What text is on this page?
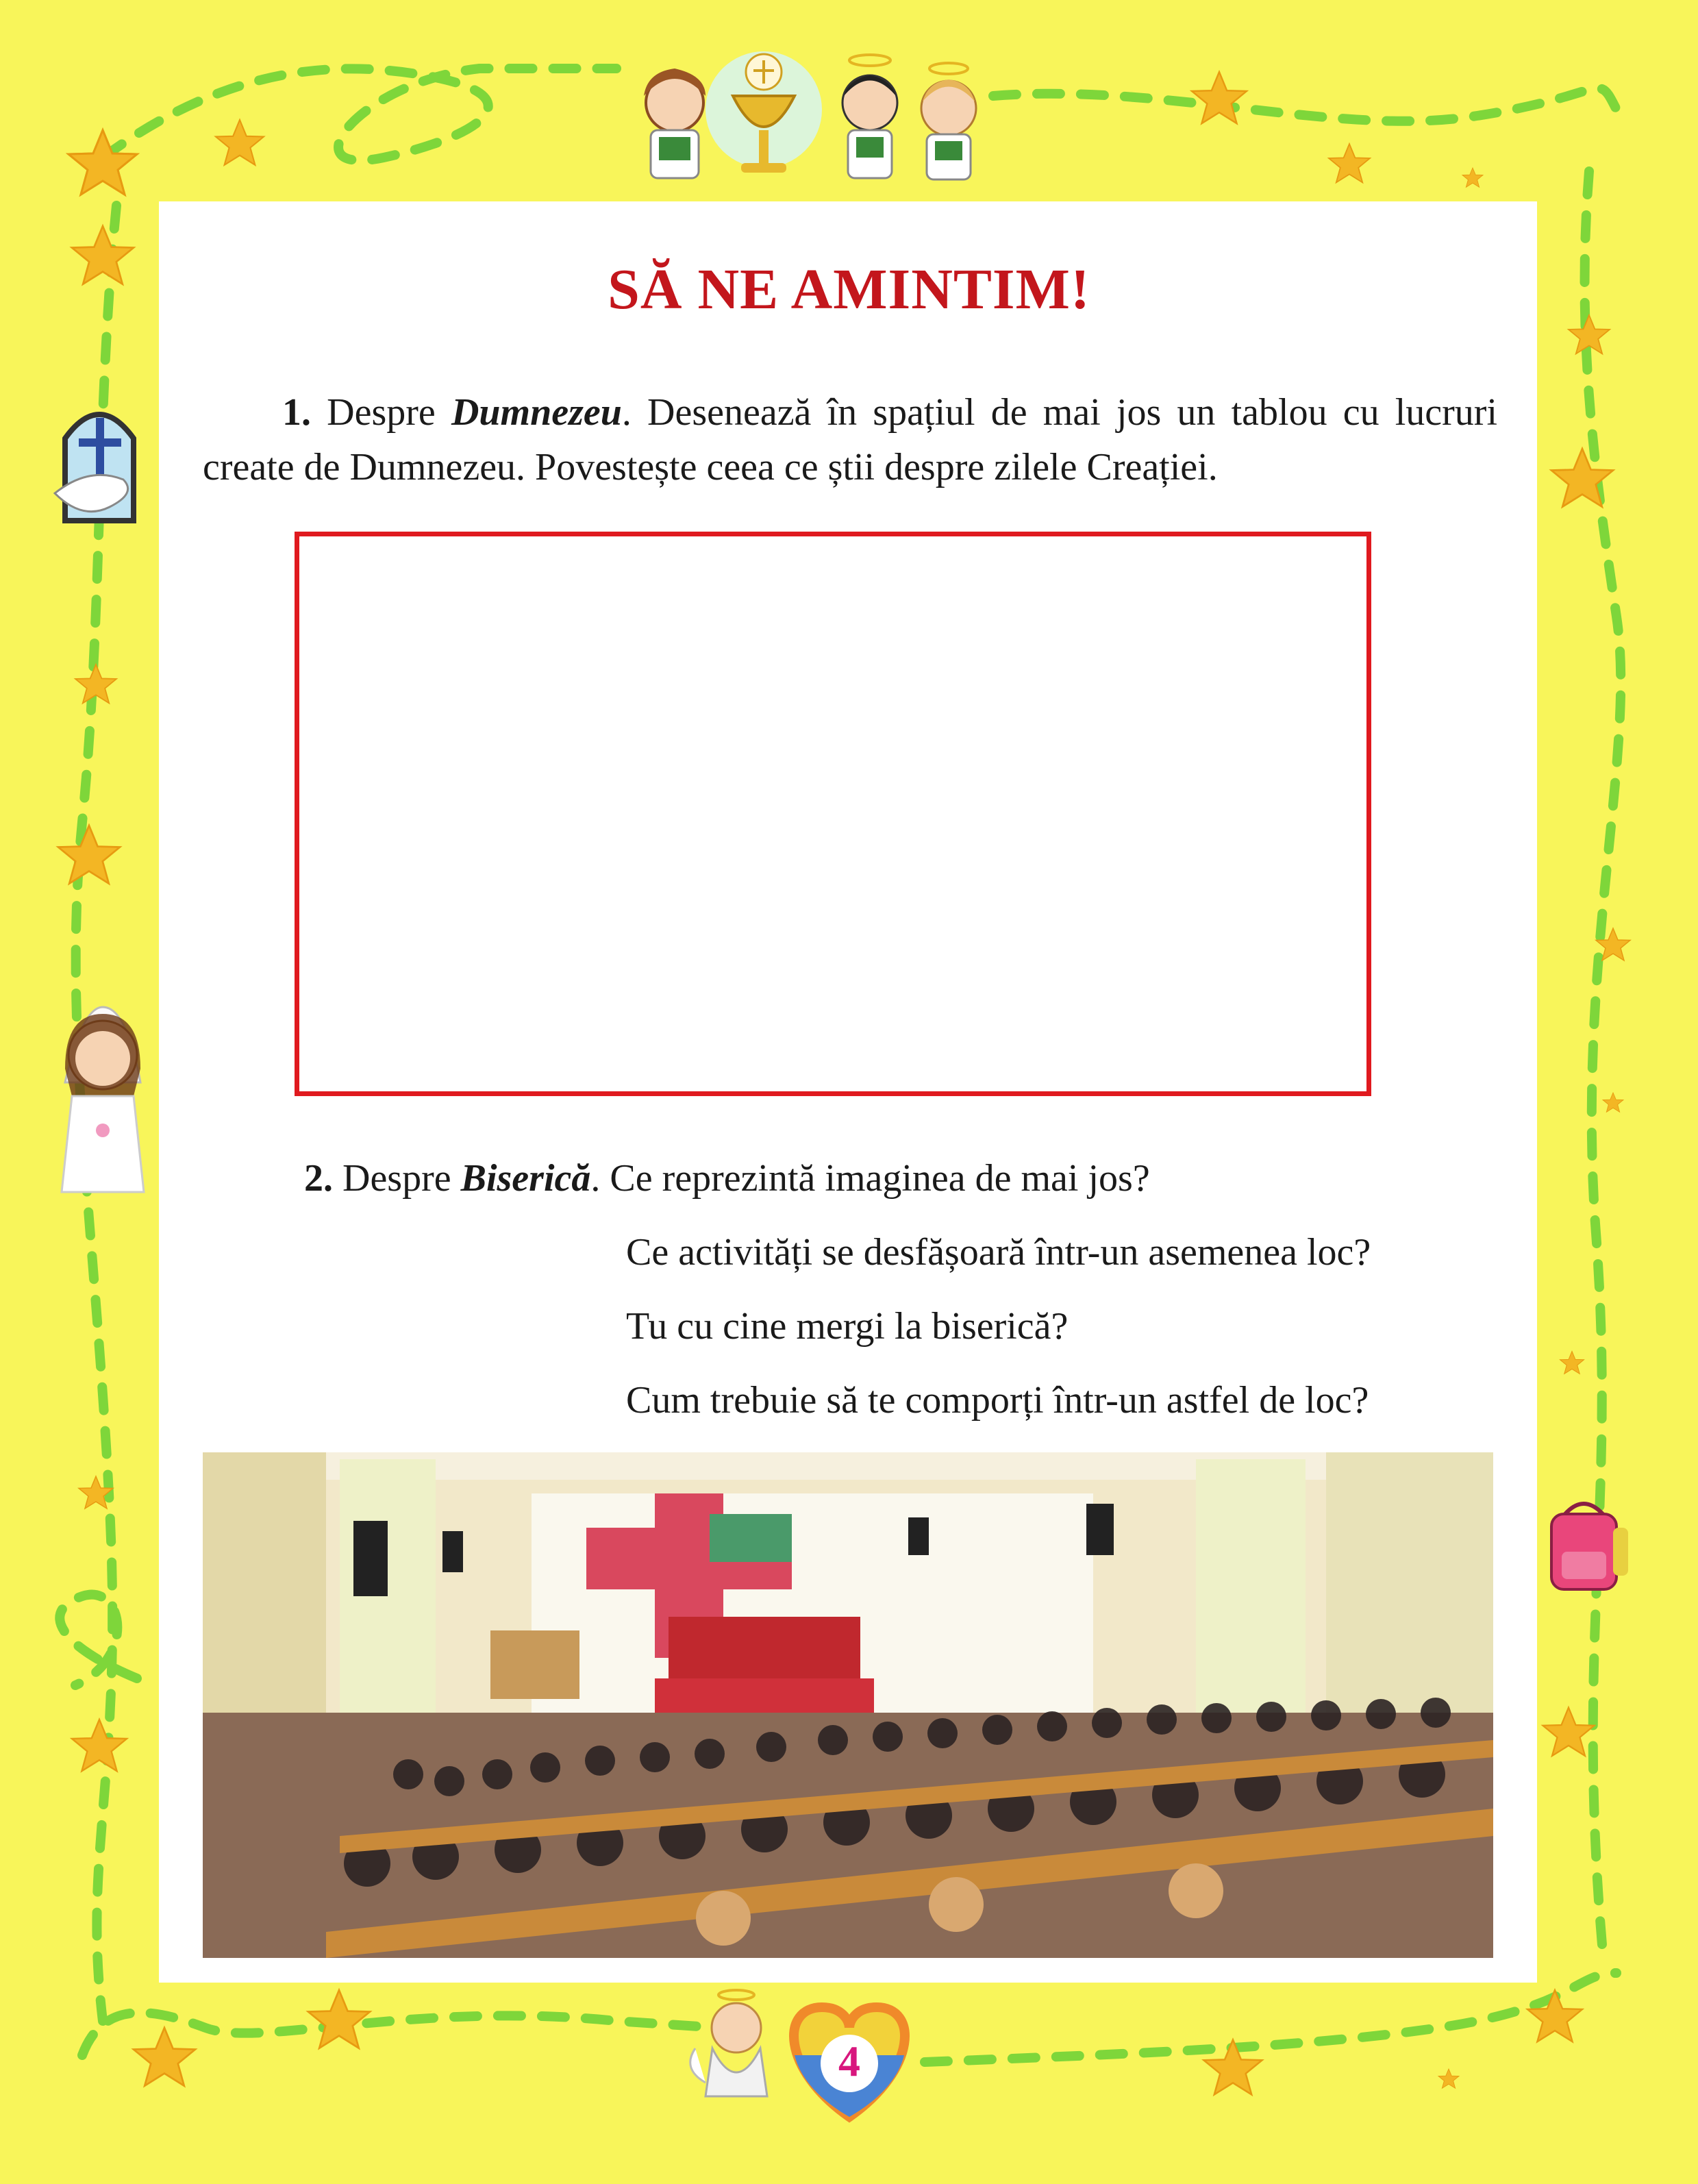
SĂ NE AMINTIM!
1. Despre Dumnezeu. Desenează în spațiul de mai jos un tablou cu lucruri
create de Dumnezeu. Povestește ceea ce știi despre zilele Creației.
2. Despre Biserică. Ce reprezintă imaginea de mai jos?
Ce activități se desfășoară într-un asemenea loc?
Tu cu cine mergi la biserică?
Cum trebuie să te comporți într-un astfel de loc?
4
